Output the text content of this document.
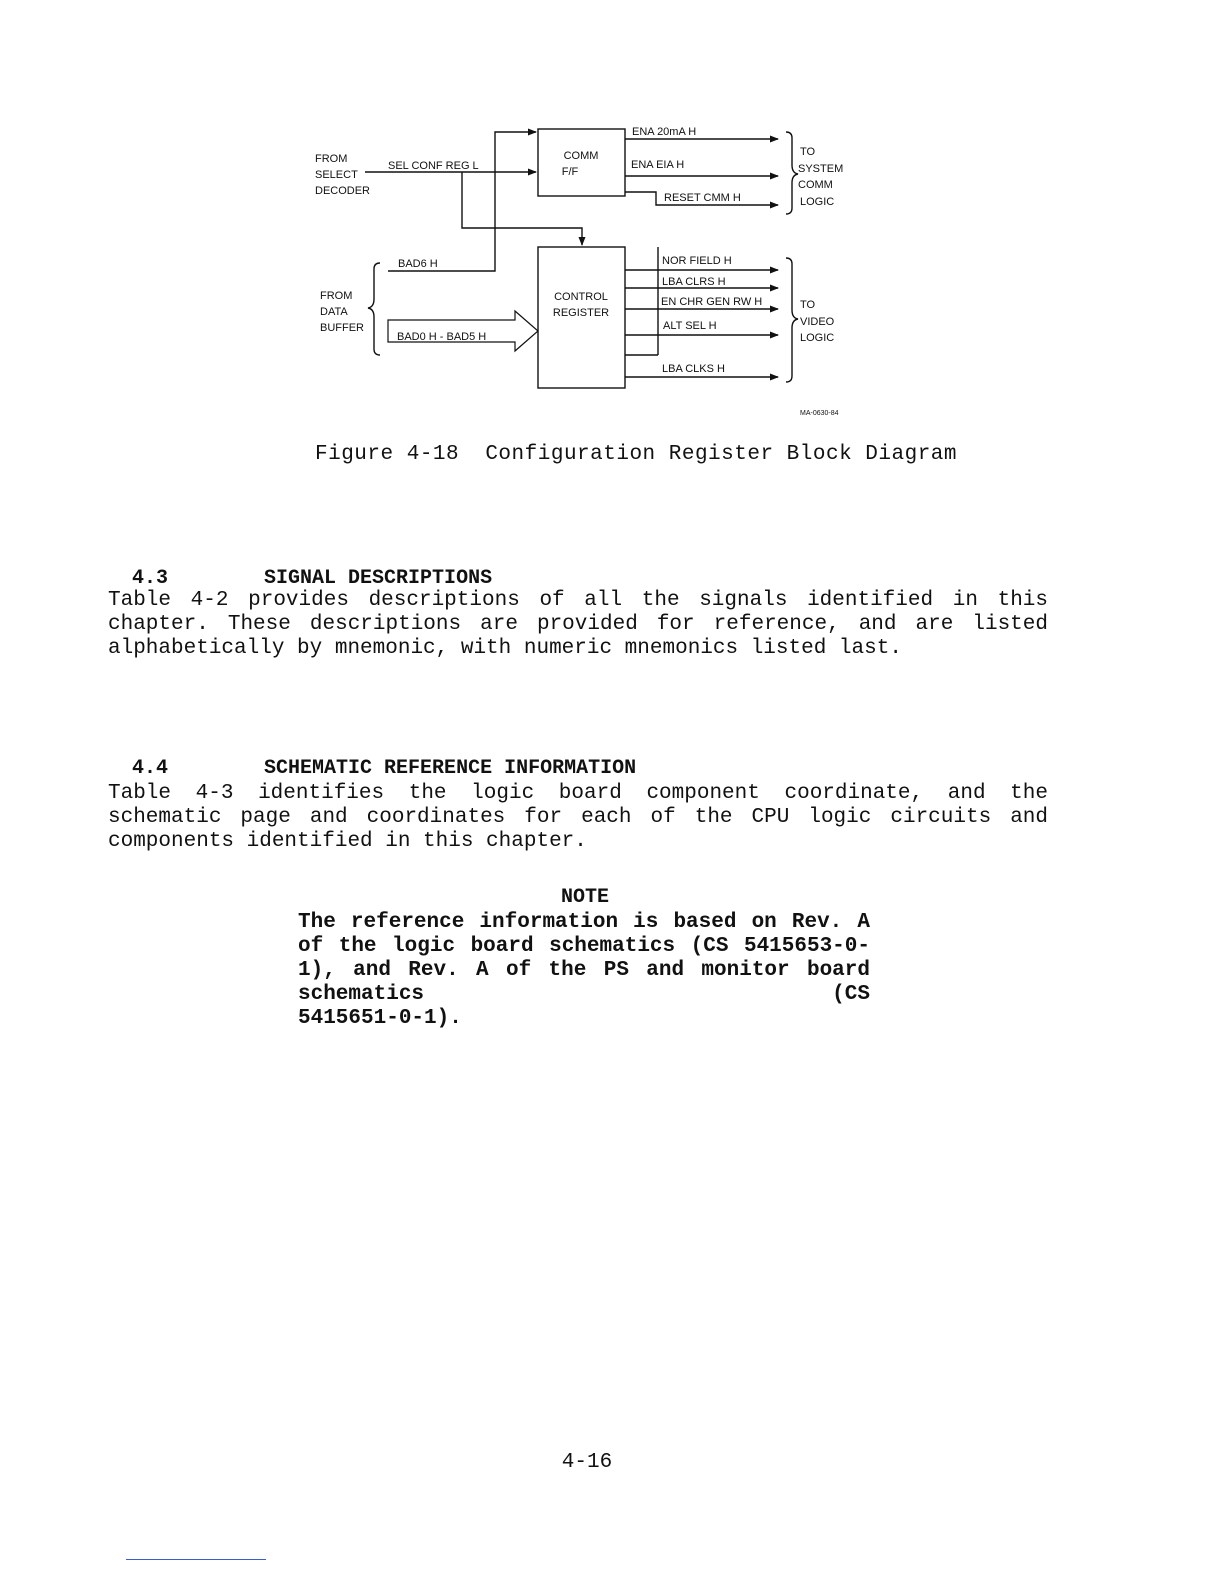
COMM
F/F
CONTROL
REGISTER
FROM
SELECT
DECODER
FROM
DATA
BUFFER
TO
SYSTEM
COMM
LOGIC
TO
VIDEO
LOGIC
SEL CONF REG L
ENA 20mA H
ENA EIA H
RESET CMM H
BAD6 H
BAD0 H - BAD5 H
NOR FIELD H
LBA CLRS H
EN CHR GEN RW H
ALT SEL H
LBA CLKS H
MA-0630-84
Figure 4-18  Configuration Register Block Diagram

4.3	SIGNAL DESCRIPTIONS

Table 4-2 provides descriptions of all the signals identified in this chapter. These descriptions are provided for reference, and are listed alphabetically by mnemonic, with numeric mnemonics listed last.

4.4	SCHEMATIC REFERENCE INFORMATION

Table 4-3 identifies the logic board component coordinate, and the schematic page and coordinates for each of the CPU logic circuits and components identified in this chapter.
NOTE
The reference information is based on Rev. A of the logic board schematics (CS 5415653-0-1), and Rev. A of the PS and monitor board schematics (CS
5415651-0-1).
4-16
